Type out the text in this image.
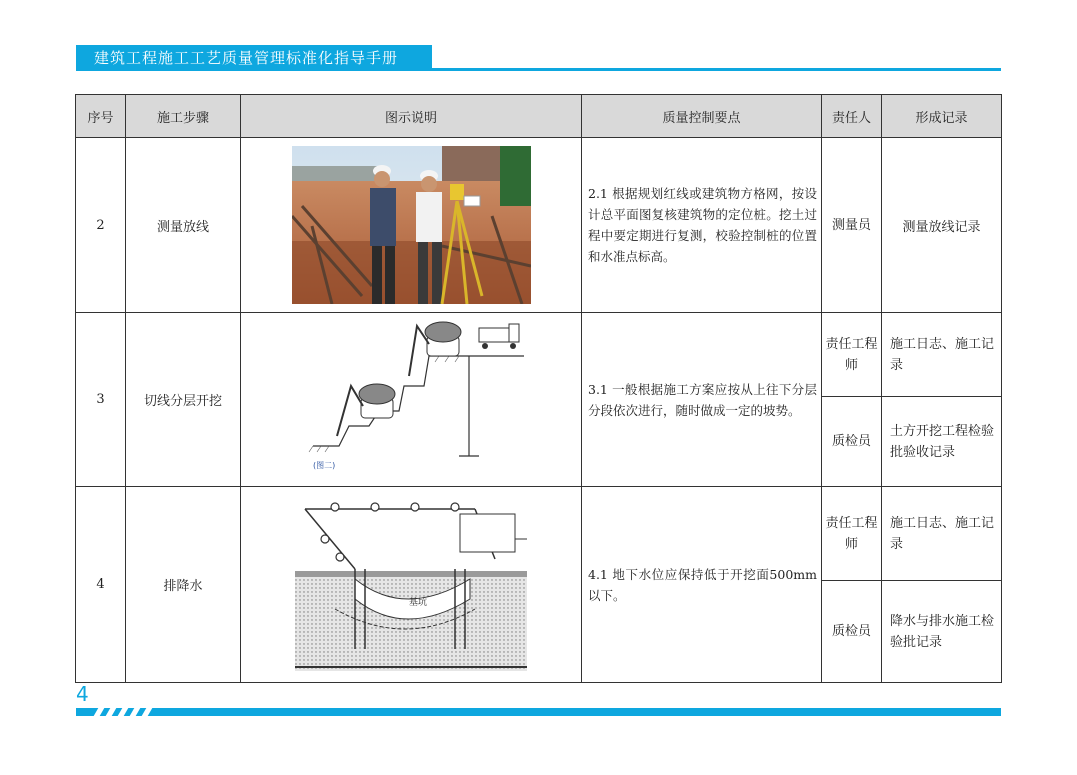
建筑工程施工工艺质量管理标准化指导手册
序号	施工步骤	图示说明	质量控制要点	责任人	形成记录
2	测量放线		2.1 根据规划红线或建筑物方格网，按设计总平面图复核建筑物的定位桩。挖土过程中要定期进行复测，校验控制桩的位置和水准点标高。	测量员	测量放线记录
3	切线分层开挖	(图二)	3.1 一般根据施工方案应按从上往下分层分段依次进行，随时做成一定的坡势。	责任工程师	施工日志、施工记录
				质检员	土方开挖工程检验批验收记录
4	排降水	基坑	4.1 地下水位应保持低于开挖面500mm以下。	责任工程师	施工日志、施工记录
				质检员	降水与排水施工检验批记录
4
